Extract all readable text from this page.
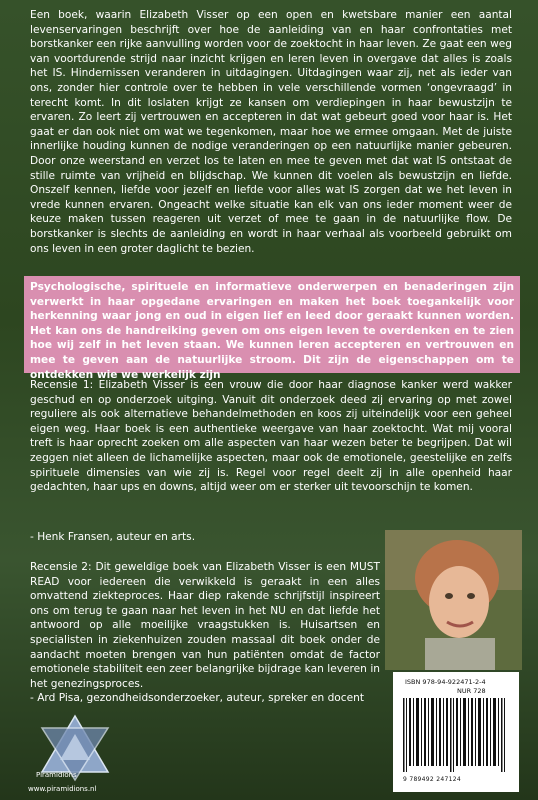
Een boek, waarin Elizabeth Visser op een open en kwetsbare manier een aantal levenservaringen beschrijft over hoe de aanleiding van en haar confrontaties met borstkanker een rijke aanvulling worden voor de zoektocht in haar leven. Ze gaat een weg van voortdurende strijd naar inzicht krijgen en leren leven in overgave dat alles is zoals het IS. Hindernissen veranderen in uitdagingen. Uitdagingen waar zij, net als ieder van ons, zonder hier controle over te hebben in vele verschillende vormen ‘ongevraagd’ in terecht komt. In dit loslaten krijgt ze kansen om verdiepingen in haar bewustzijn te ervaren. Zo leert zij vertrouwen en accepteren in dat wat gebeurt goed voor haar is. Het gaat er dan ook niet om wat we tegenkomen, maar hoe we ermee omgaan. Met de juiste innerlijke houding kunnen de nodige veranderingen op een natuurlijke manier gebeuren. Door onze weerstand en verzet los te laten en mee te geven met dat wat IS ontstaat de stille ruimte van vrijheid en blijdschap. We kunnen dit voelen als bewustzijn en liefde. Onszelf kennen, liefde voor jezelf en liefde voor alles wat IS zorgen dat we het leven in vrede kunnen ervaren. Ongeacht welke situatie kan elk van ons ieder moment weer de keuze maken tussen reageren uit verzet of mee te gaan in de natuurlijke flow. De borstkanker is slechts de aanleiding en wordt in haar verhaal als voorbeeld gebruikt om ons leven in een groter daglicht te bezien.

Psychologische, spirituele en informatieve onderwerpen en benaderingen zijn verwerkt in haar opgedane ervaringen en maken het boek toegankelijk voor herkenning waar jong en oud in eigen lief en leed door geraakt kunnen worden. Het kan ons de handreiking geven om ons eigen leven te overdenken en te zien hoe wij zelf in het leven staan. We kunnen leren accepteren en vertrouwen en mee te geven aan de natuurlijke stroom. Dit zijn de eigenschappen om te ontdekken wie we werkelijk zijn

Recensie 1: Elizabeth Visser is een vrouw die door haar diagnose kanker werd wakker geschud en op onderzoek uitging. Vanuit dit onderzoek deed zij ervaring op met zowel reguliere als ook alternatieve behandelmethoden en koos zij uiteindelijk voor een geheel eigen weg. Haar boek is een authentieke weergave van haar zoektocht. Wat mij vooral treft is haar oprecht zoeken om alle aspecten van haar wezen beter te begrijpen. Dat wil zeggen niet alleen de lichamelijke aspecten, maar ook de emotionele, geestelijke en zelfs spirituele dimensies van wie zij is. Regel voor regel deelt zij in alle openheid haar gedachten, haar ups en downs, altijd weer om er sterker uit tevoorschijn te komen.

- Henk Fransen, auteur en arts.

Recensie 2: Dit geweldige boek van Elizabeth Visser is een MUST READ voor iedereen die verwikkeld is geraakt in een alles omvattend ziekteproces. Haar diep rakende schrijfstijl inspireert ons om terug te gaan naar het leven in het NU en dat liefde het antwoord op alle moeilijke vraagstukken is. Huisartsen en specialisten in ziekenhuizen zouden massaal dit boek onder de aandacht moeten brengen van hun patiënten omdat de factor emotionele stabiliteit een zeer belangrijke bijdrage kan leveren in het genezingsproces.

- Ard Pisa, gezondheidsonderzoeker, auteur, spreker en docent

ISBN 978-94-922471-2-4
NUR 728
9 789492 247124
Piramidions
www.piramidions.nl
